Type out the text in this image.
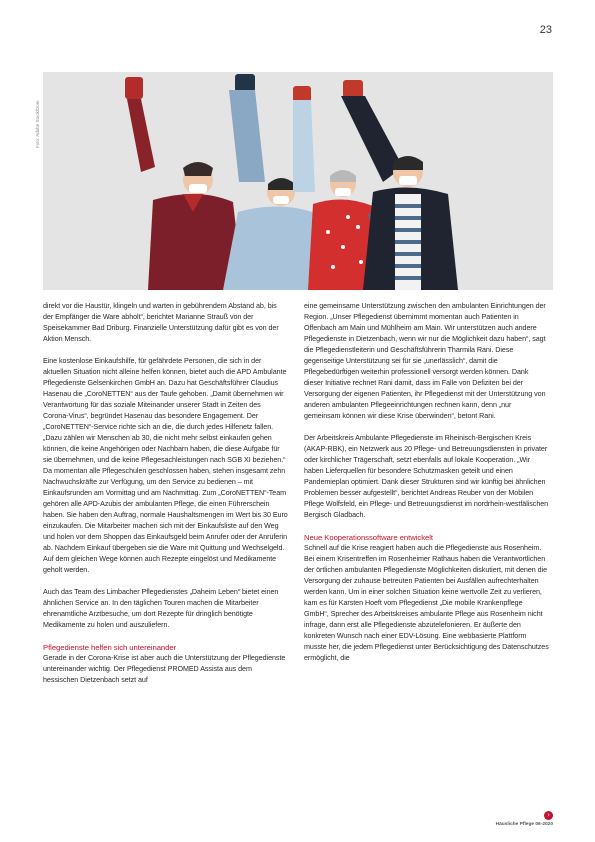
23
Foto: Adobe Stock/Dom

direkt vor die Haustür, klingeln und warten in gebührendem Abstand ab, bis der Empfänger die Ware abholt“, berichtet Marianne Strauß von der Speisekammer Bad Driburg. Finanzielle Unterstützung dafür gibt es von der Aktion Mensch.

Eine kostenlose Einkaufshilfe, für gefährdete Personen, die sich in der aktuellen Situation nicht alleine helfen können, bietet auch die APD Ambulante Pflegedienste Gelsenkirchen GmbH an. Dazu hat Geschäftsführer Claudius Hasenau die „CoroNETTEN“ aus der Taufe gehoben. „Damit übernehmen wir Verantwortung für das soziale Miteinander unserer Stadt in Zeiten des Corona-Virus“, begründet Hasenau das besondere Engagement. Der „CoroNETTEN“-Service richte sich an die, die durch jedes Hilfenetz fallen. „Dazu zählen wir Menschen ab 30, die nicht mehr selbst einkaufen gehen können, die keine Angehörigen oder Nachbarn haben, die diese Aufgabe für sie übernehmen, und die keine Pflegesachleistungen nach SGB XI beziehen.“ Da momentan alle Pflegeschulen geschlossen haben, stehen insgesamt zehn Nachwuchskräfte zur Verfügung, um den Service zu bedienen – mit Einkaufsrunden am Vormittag und am Nachmittag. Zum „CoroNETTEN“-Team gehören alle APD-Azubis der ambulanten Pflege, die einen Führerschein haben. Sie haben den Auftrag, normale Haushaltsmengen im Wert bis 30 Euro einzukaufen. Die Mitarbeiter machen sich mit der Einkaufsliste auf den Weg und holen vor dem Shoppen das Einkaufsgeld beim Anrufer oder der Anruferin ab. Nachdem Einkauf übergeben sie die Ware mit Quittung und Wechselgeld. Auf dem gleichen Wege können auch Rezepte eingelöst und Medikamente geholt werden.

Auch das Team des Limbacher Pflegedienstes „Daheim Leben“ bietet einen ähnlichen Service an. In den täglichen Touren machen die Mitarbeiter ehrenamtliche Arztbesuche, um dort Rezepte für dringlich benötigte Medikamente zu holen und auszuliefern.

Pflegedienste helfen sich untereinander

Gerade in der Corona-Krise ist aber auch die Unterstützung der Pflegedienste untereinander wichtig. Der Pflegedienst PROMED Assista aus dem hessischen Dietzenbach setzt auf

eine gemeinsame Unterstützung zwischen den ambulanten Einrichtungen der Region. „Unser Pflegedienst übernimmt momentan auch Patienten in Offenbach am Main und Mühlheim am Main. Wir unterstützen auch andere Pflegedienste in Dietzenbach, wenn wir nur die Möglichkeit dazu haben“, sagt die Pflegedienstleiterin und Geschäftsführerin Tharmila Rani. Diese gegenseitige Unterstützung sei für sie „unerlässlich“, damit die Pflegebedürftigen weiterhin professionell versorgt werden können. Dank dieser Initiative rechnet Rani damit, dass im Falle von Defiziten bei der Versorgung der eigenen Patienten, ihr Pflegedienst mit der Unterstützung von anderen ambulanten Pflegeeinrichtungen rechnen kann, denn „nur gemeinsam können wir diese Krise überwinden“, betont Rani.

Der Arbeitskreis Ambulante Pflegedienste im Rheinisch-Bergischen Kreis (AKAP-RBK), ein Netzwerk aus 20 Pflege- und Betreuungsdiensten in privater oder kirchlicher Trägerschaft, setzt ebenfalls auf lokale Kooperation. „Wir haben Lieferquellen für besondere Schutzmasken geteilt und einen Pandemieplan optimiert. Dank dieser Strukturen sind wir künftig bei ähnlichen Problemen besser aufgestellt“, berichtet Andreas Reuber von der Mobilen Pflege Wolfsfeld, ein Pflege- und Betreuungsdienst im nordrhein-westfälischen Bergisch Gladbach.

Neue Kooperationssoftware entwickelt

Schnell auf die Krise reagiert haben auch die Pflegedienste aus Rosenheim. Bei einem Krisentreffen im Rosenheimer Rathaus haben die Verantwortlichen der örtlichen ambulanten Pflegedienste Möglichkeiten diskutiert, mit denen die Versorgung der zuhause betreuten Patienten bei Ausfällen aufrechterhalten werden kann. Um in einer solchen Situation keine wertvolle Zeit zu verlieren, kam es für Karsten Hoeft vom Pflegedienst „Die mobile Krankenpflege GmbH“, Sprecher des Arbeitskreises ambulante Pflege aus Rosenheim nicht infrage, dann erst alle Pflegedienste abzutelefonieren. Er äußerte den konkreten Wunsch nach einer EDV-Lösung. Eine webbasierte Plattform musste her, die jedem Pflegedienst unter Berücksichtigung des Datenschutzes ermöglicht, die

›
Häusliche Pflege 06-2020
